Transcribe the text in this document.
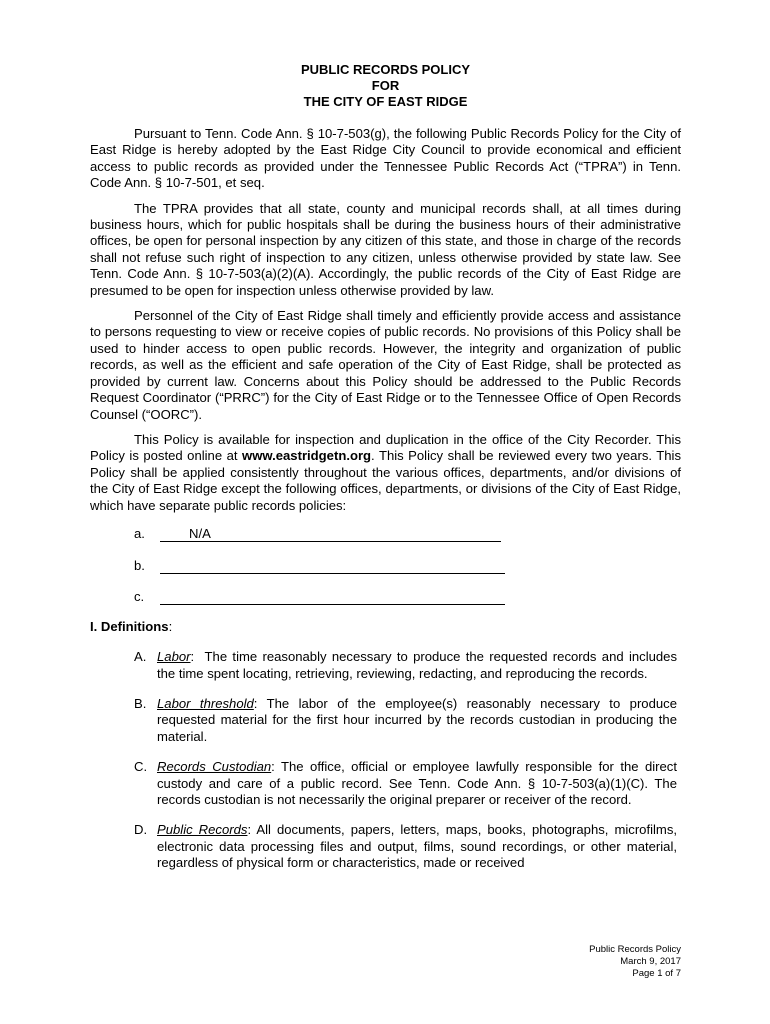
PUBLIC RECORDS POLICY
FOR
THE CITY OF EAST RIDGE

Pursuant to Tenn. Code Ann. § 10-7-503(g), the following Public Records Policy for the City of East Ridge is hereby adopted by the East Ridge City Council to provide economical and efficient access to public records as provided under the Tennessee Public Records Act (“TPRA”) in Tenn. Code Ann. § 10-7-501, et seq.

The TPRA provides that all state, county and municipal records shall, at all times during business hours, which for public hospitals shall be during the business hours of their administrative offices, be open for personal inspection by any citizen of this state, and those in charge of the records shall not refuse such right of inspection to any citizen, unless otherwise provided by state law. See Tenn. Code Ann. § 10-7-503(a)(2)(A). Accordingly, the public records of the City of East Ridge are presumed to be open for inspection unless otherwise provided by law.

Personnel of the City of East Ridge shall timely and efficiently provide access and assistance to persons requesting to view or receive copies of public records. No provisions of this Policy shall be used to hinder access to open public records. However, the integrity and organization of public records, as well as the efficient and safe operation of the City of East Ridge, shall be protected as provided by current law. Concerns about this Policy should be addressed to the Public Records Request Coordinator (“PRRC”) for the City of East Ridge or to the Tennessee Office of Open Records Counsel (“OORC”).

This Policy is available for inspection and duplication in the office of the City Recorder. This Policy is posted online at www.eastridgetn.org. This Policy shall be reviewed every two years. This Policy shall be applied consistently throughout the various offices, departments, and/or divisions of the City of East Ridge except the following offices, departments, or divisions of the City of East Ridge, which have separate public records policies:

a.	N/A
b.
c.
I. Definitions:
A. Labor:  The time reasonably necessary to produce the requested records and includes the time spent locating, retrieving, reviewing, redacting, and reproducing the records.
B. Labor threshold: The labor of the employee(s) reasonably necessary to produce requested material for the first hour incurred by the records custodian in producing the material.
C. Records Custodian: The office, official or employee lawfully responsible for the direct custody and care of a public record. See Tenn. Code Ann. § 10-7-503(a)(1)(C). The records custodian is not necessarily the original preparer or receiver of the record.
D. Public Records: All documents, papers, letters, maps, books, photographs, microfilms, electronic data processing files and output, films, sound recordings, or other material, regardless of physical form or characteristics, made or received
Public Records Policy
March 9, 2017
Page 1 of 7
